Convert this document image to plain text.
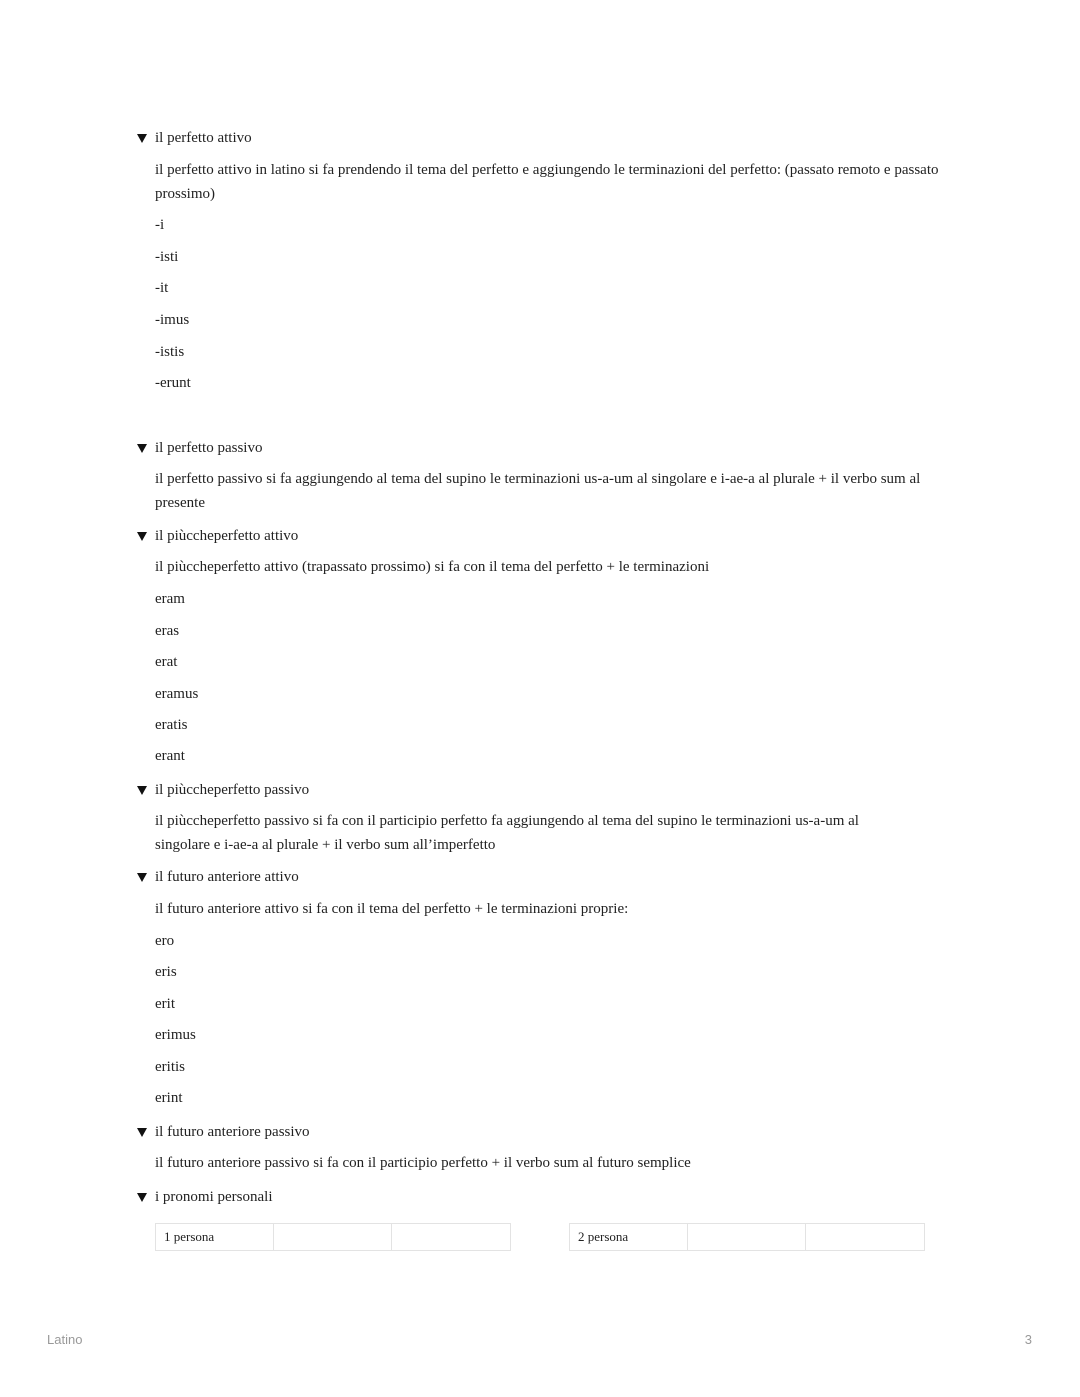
il perfetto attivo
il perfetto attivo in latino si fa prendendo il tema del perfetto e aggiungendo le terminazioni del perfetto: (passato remoto e passato prossimo)
-i
-isti
-it
-imus
-istis
-erunt
il perfetto passivo
il perfetto passivo si fa aggiungendo al tema del supino le terminazioni us-a-um al singolare e i-ae-a al plurale + il verbo sum al presente
il piùccheperfetto attivo
il piùccheperfetto attivo (trapassato prossimo) si fa con il tema del perfetto + le terminazioni
eram
eras
erat
eramus
eratis
erant
il piùccheperfetto passivo
il piùccheperfetto passivo si fa con il participio perfetto fa aggiungendo al tema del supino le terminazioni us-a-um al singolare e i-ae-a al plurale + il verbo sum all’imperfetto
il futuro anteriore attivo
il futuro anteriore attivo si fa con il tema del perfetto + le terminazioni proprie:
ero
eris
erit
erimus
eritis
erint
il futuro anteriore passivo
il futuro anteriore passivo si fa con il participio perfetto + il verbo sum al futuro semplice
i pronomi personali
1 persona	2 persona
Latino	3
